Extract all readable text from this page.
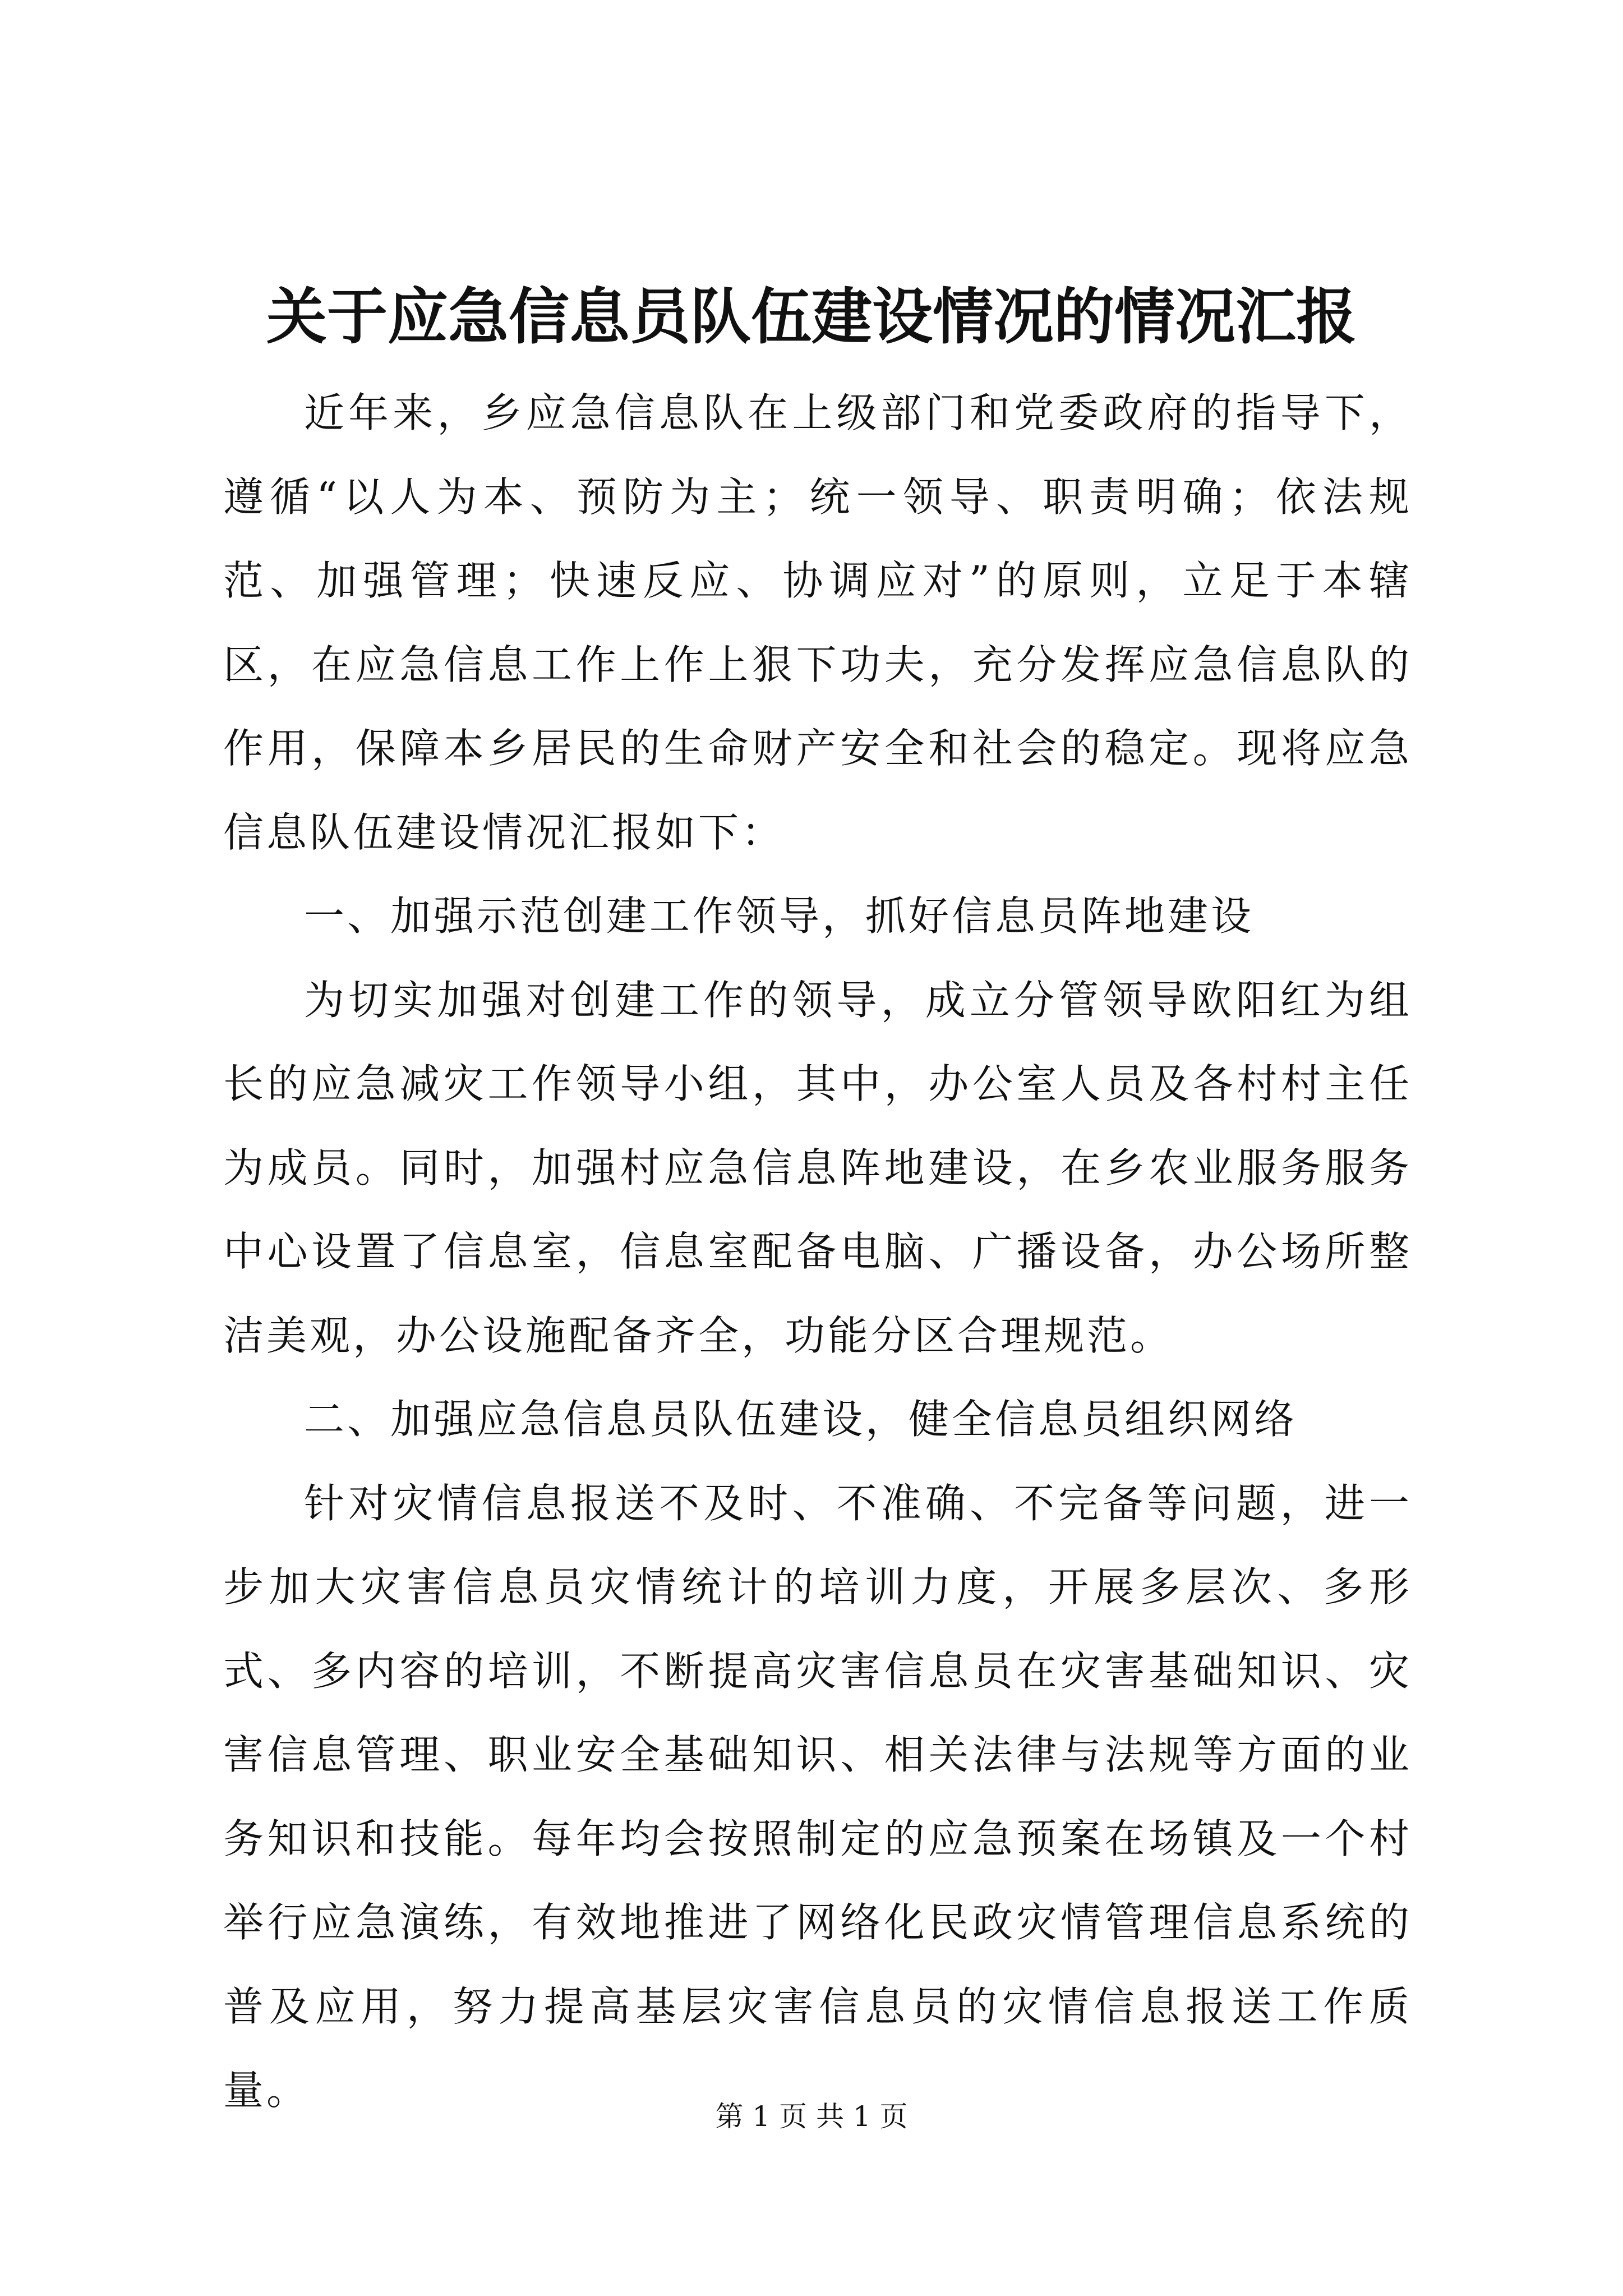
关于应急信息员队伍建设情况的情况汇报

近年来，乡应急信息队在上级部门和党委政府的指导下，遵循“以人为本、预防为主；统一领导、职责明确；依法规范、加强管理；快速反应、协调应对”的原则，立足于本辖区，在应急信息工作上作上狠下功夫，充分发挥应急信息队的作用，保障本乡居民的生命财产安全和社会的稳定。现将应急信息队伍建设情况汇报如下：

一、加强示范创建工作领导，抓好信息员阵地建设

为切实加强对创建工作的领导，成立分管领导欧阳红为组长的应急减灾工作领导小组，其中，办公室人员及各村村主任为成员。同时，加强村应急信息阵地建设，在乡农业服务服务中心设置了信息室，信息室配备电脑、广播设备，办公场所整洁美观，办公设施配备齐全，功能分区合理规范。

二、加强应急信息员队伍建设，健全信息员组织网络

针对灾情信息报送不及时、不准确、不完备等问题，进一步加大灾害信息员灾情统计的培训力度，开展多层次、多形式、多内容的培训，不断提高灾害信息员在灾害基础知识、灾害信息管理、职业安全基础知识、相关法律与法规等方面的业务知识和技能。每年均会按照制定的应急预案在场镇及一个村举行应急演练，有效地推进了网络化民政灾情管理信息系统的普及应用，努力提高基层灾害信息员的灾情信息报送工作质量。

第 1 页 共 1 页
